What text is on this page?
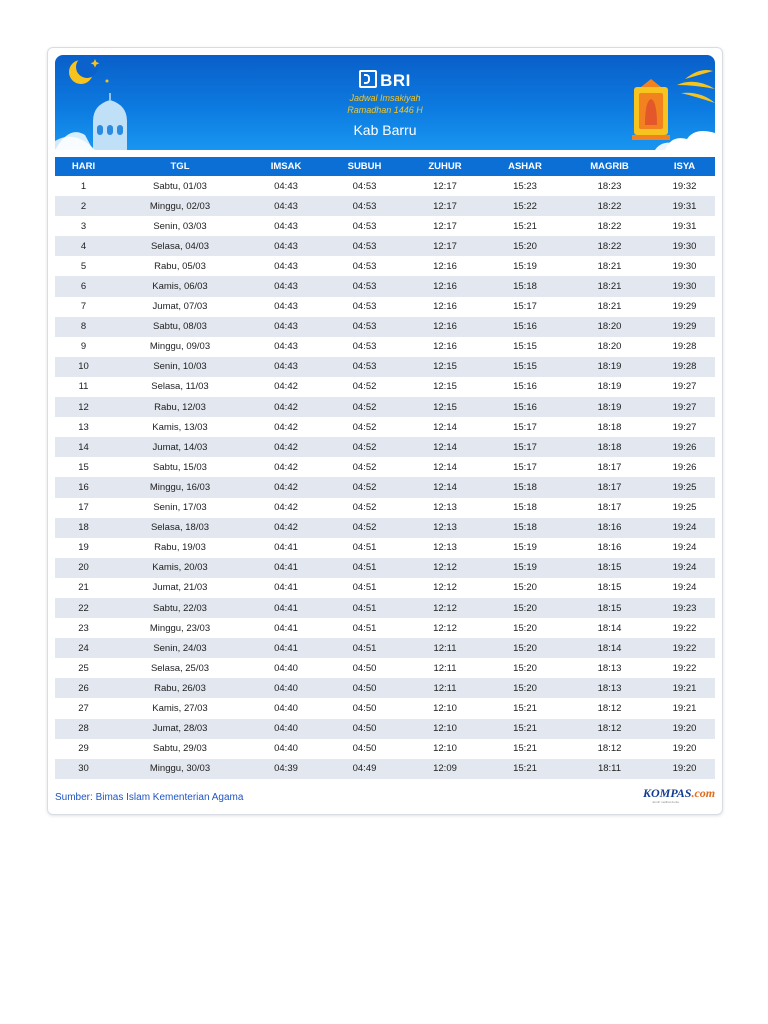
BRI
Jadwal Imsakiyah
Ramadhan 1446 H
Kab Barru
HARI	TGL	IMSAK	SUBUH	ZUHUR	ASHAR	MAGRIB	ISYA
1	Sabtu, 01/03	04:43	04:53	12:17	15:23	18:23	19:32
2	Minggu, 02/03	04:43	04:53	12:17	15:22	18:22	19:31
3	Senin, 03/03	04:43	04:53	12:17	15:21	18:22	19:31
4	Selasa, 04/03	04:43	04:53	12:17	15:20	18:22	19:30
5	Rabu, 05/03	04:43	04:53	12:16	15:19	18:21	19:30
6	Kamis, 06/03	04:43	04:53	12:16	15:18	18:21	19:30
7	Jumat, 07/03	04:43	04:53	12:16	15:17	18:21	19:29
8	Sabtu, 08/03	04:43	04:53	12:16	15:16	18:20	19:29
9	Minggu, 09/03	04:43	04:53	12:16	15:15	18:20	19:28
10	Senin, 10/03	04:43	04:53	12:15	15:15	18:19	19:28
11	Selasa, 11/03	04:42	04:52	12:15	15:16	18:19	19:27
12	Rabu, 12/03	04:42	04:52	12:15	15:16	18:19	19:27
13	Kamis, 13/03	04:42	04:52	12:14	15:17	18:18	19:27
14	Jumat, 14/03	04:42	04:52	12:14	15:17	18:18	19:26
15	Sabtu, 15/03	04:42	04:52	12:14	15:17	18:17	19:26
16	Minggu, 16/03	04:42	04:52	12:14	15:18	18:17	19:25
17	Senin, 17/03	04:42	04:52	12:13	15:18	18:17	19:25
18	Selasa, 18/03	04:42	04:52	12:13	15:18	18:16	19:24
19	Rabu, 19/03	04:41	04:51	12:13	15:19	18:16	19:24
20	Kamis, 20/03	04:41	04:51	12:12	15:19	18:15	19:24
21	Jumat, 21/03	04:41	04:51	12:12	15:20	18:15	19:24
22	Sabtu, 22/03	04:41	04:51	12:12	15:20	18:15	19:23
23	Minggu, 23/03	04:41	04:51	12:12	15:20	18:14	19:22
24	Senin, 24/03	04:41	04:51	12:11	15:20	18:14	19:22
25	Selasa, 25/03	04:40	04:50	12:11	15:20	18:13	19:22
26	Rabu, 26/03	04:40	04:50	12:11	15:20	18:13	19:21
27	Kamis, 27/03	04:40	04:50	12:10	15:21	18:12	19:21
28	Jumat, 28/03	04:40	04:50	12:10	15:21	18:12	19:20
29	Sabtu, 29/03	04:40	04:50	12:10	15:21	18:12	19:20
30	Minggu, 30/03	04:39	04:49	12:09	15:21	18:11	19:20
Sumber: Bimas Islam Kementerian Agama	KOMPAS.com
Jernih melihat dunia
